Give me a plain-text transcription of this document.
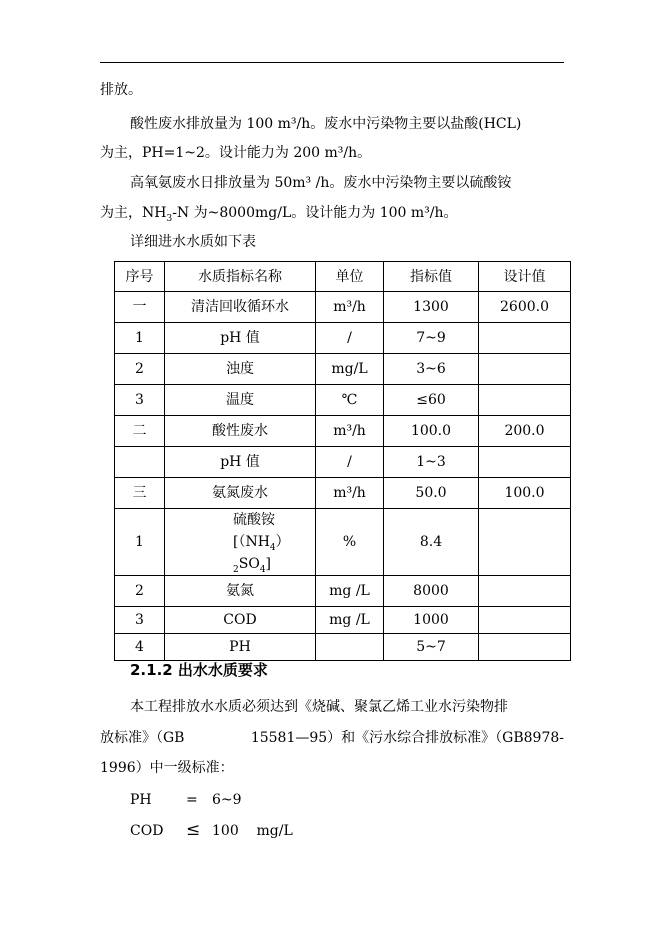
排放。
酸性废水排放量为 100 m³/h。废水中污染物主要以盐酸(HCL)
为主，PH=1~2。设计能力为 200 m³/h。
高氧氨废水日排放量为 50m³ /h。废水中污染物主要以硫酸铵
为主，$NH_3-N$ 为~8000mg/L。设计能力为 100 m³/h。
详细进水水质如下表
序号	水质指标名称	单位	指标值	设计值
一	清洁回收循环水	m³/h	1300	2600.0
1	pH 值	/	7~9	
2	浊度	mg/L	3~6	
3	温度	℃	≤60	
二	酸性废水	m³/h	100.0	200.0
	pH 值	/	1~3	
三	氨氮废水	m³/h	50.0	100.0
1	硫酸铵[$(NH_4)$
$_2SO_4$]	%	8.4	
2	氨氮	mg /L	8000	
3	COD	mg /L	1000	
4	PH		5~7	
2.1.2 出水水质要求
本工程排放水水质必须达到《烧碱、聚氯乙烯工业水污染物排
放标准》（GB	15581—95）和《污水综合排放标准》（GB8978-
1996）中一级标准：
PH = 6~9
COD ≤ 100    mg/L
